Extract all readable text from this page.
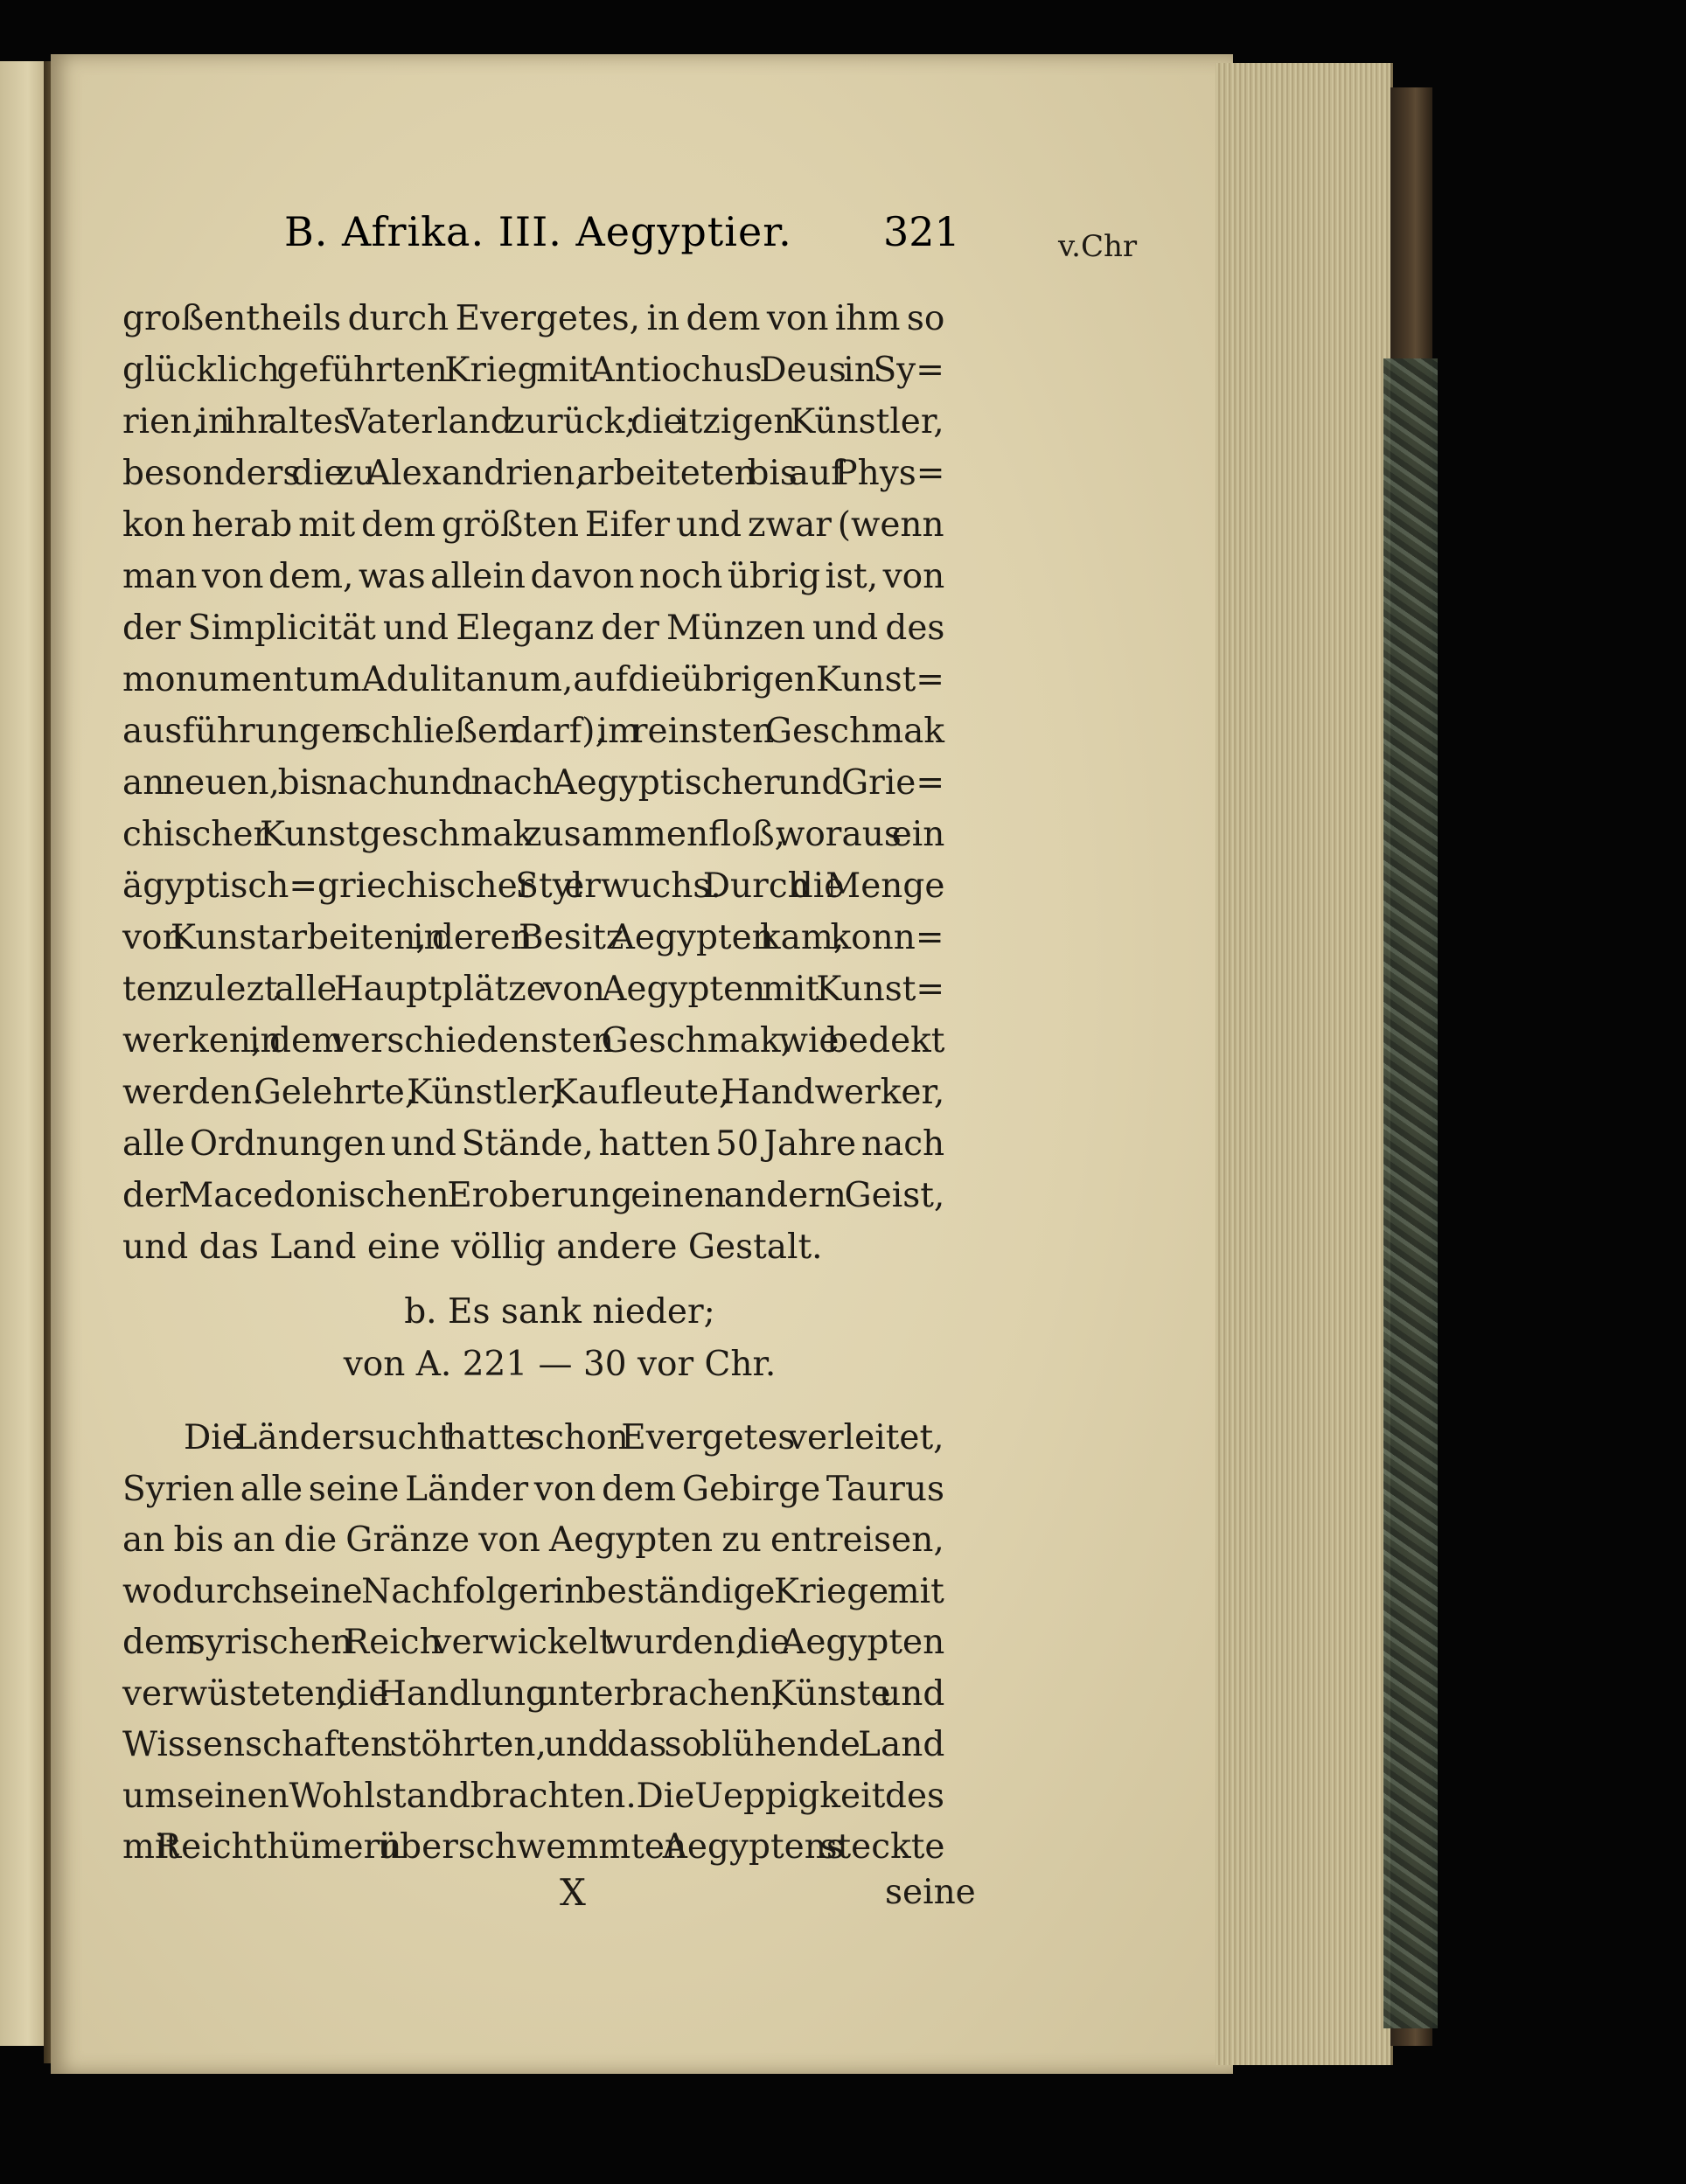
B. Afrika. III. Aegyptier. 321	v.Chr
großentheils durch Evergetes, in dem von ihm so
glücklich geführten Krieg mit Antiochus Deus in Sy=
rien, in ihr altes Vaterland zurück; die itzigen Künstler,
besonders die zu Alexandrien, arbeiteten bis auf Phys=
kon herab mit dem größten Eifer und zwar (wenn
man von dem, was allein davon noch übrig ist, von
der Simplicität und Eleganz der Münzen und des
monumentum Adulitanum, auf die übrigen Kunst=
ausführungen schließen darf), im reinsten Geschmak
an neuen, bis nach und nach Aegyptischer und Grie=
chischer Kunstgeschmak zusammenfloß, woraus ein
ägyptisch=griechischer Styl erwuchs. Durch die Menge
von Kunstarbeiten, in deren Besitz Aegypten kam, konn=
ten zulezt alle Hauptplätze von Aegypten mit Kunst=
werken, in dem verschiedensten Geschmak, wie bedekt
werden. Gelehrte, Künstler, Kaufleute, Handwerker,
alle Ordnungen und Stände, hatten 50 Jahre nach
der Macedonischen Eroberung einen andern Geist,
und das Land eine völlig andere Gestalt.
b. Es sank nieder;
von A. 221 — 30 vor Chr.
Die Ländersucht hatte schon Evergetes verleitet,
Syrien alle seine Länder von dem Gebirge Taurus
an bis an die Gränze von Aegypten zu entreisen,
wodurch seine Nachfolger in beständige Kriege mit
dem syrischen Reich verwickelt wurden, die Aegypten
verwüsteten, die Handlung unterbrachen, Künste und
Wissenschaften stöhrten, und das so blühende Land
um seinen Wohlstand brachten. Die Ueppigkeit des
mit Reichthümern überschwemmten Aegyptens steckte
X	seine
